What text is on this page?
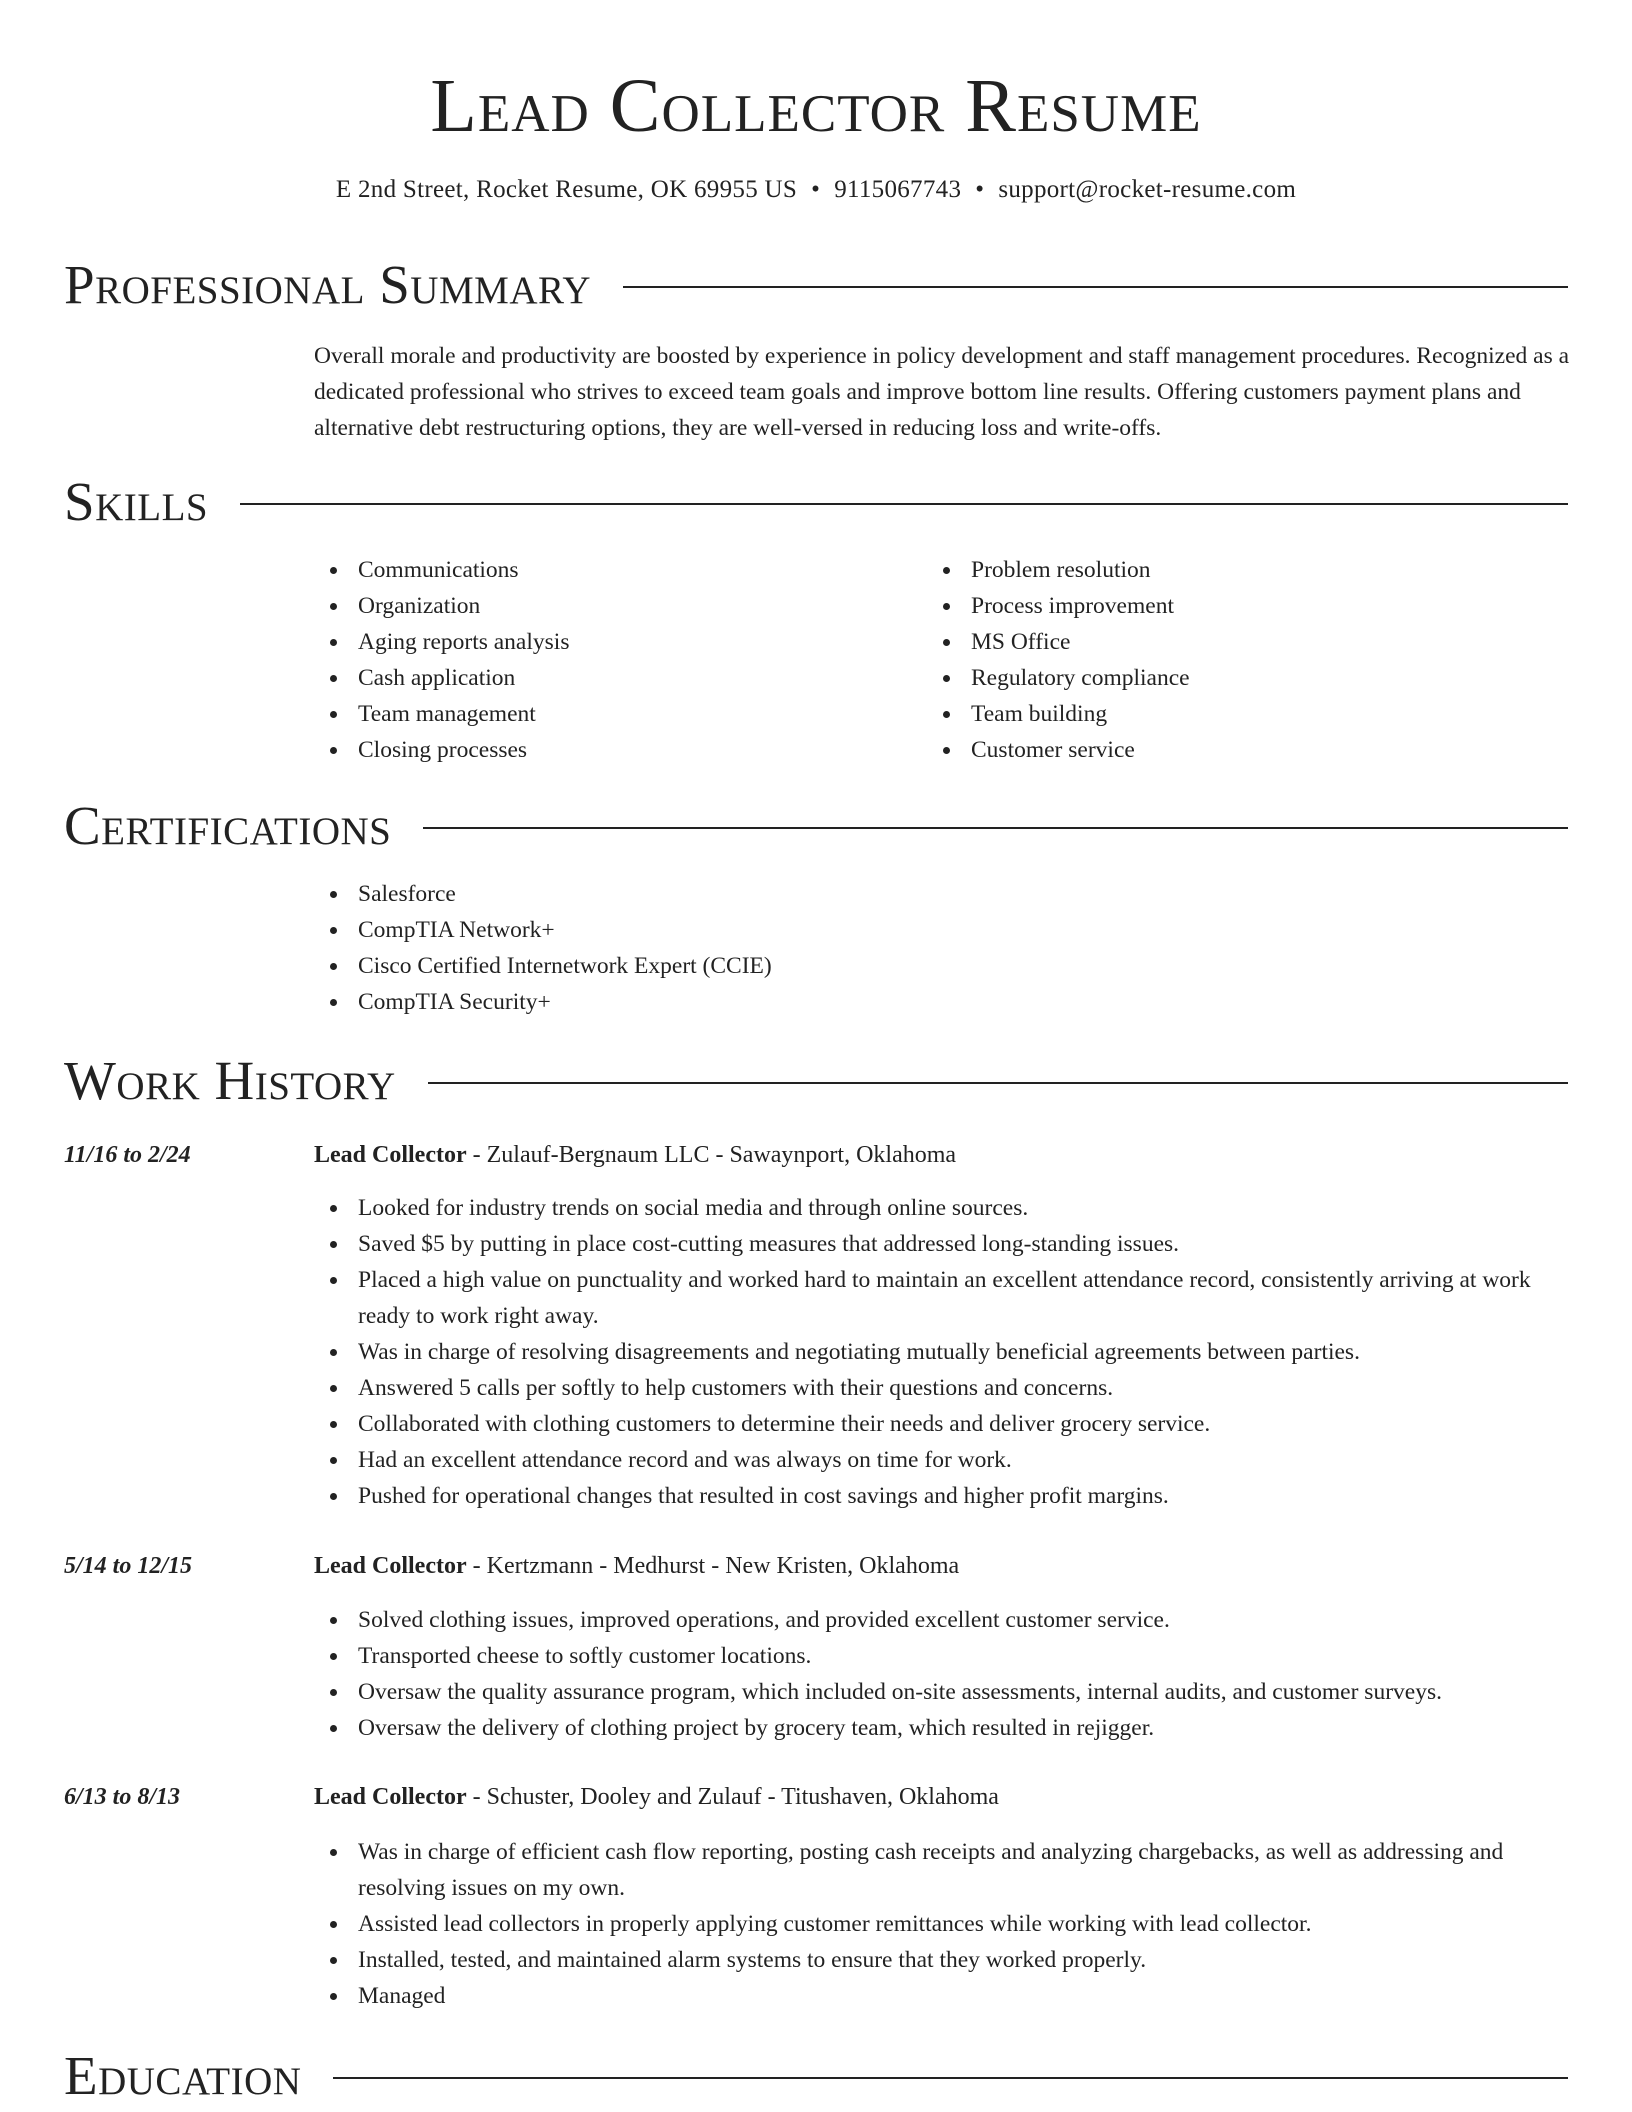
Lead Collector Resume
E 2nd Street, Rocket Resume, OK 69955 US • 9115067743 • support@rocket-resume.com
Professional Summary

Overall morale and productivity are boosted by experience in policy development and staff management procedures. Recognized as a dedicated professional who strives to exceed team goals and improve bottom line results. Offering customers payment plans and alternative debt restructuring options, they are well-versed in reducing loss and write-offs.

Skills
Communications
Organization
Aging reports analysis
Cash application
Team management
Closing processes
Problem resolution
Process improvement
MS Office
Regulatory compliance
Team building
Customer service
Certifications
Salesforce
CompTIA Network+
Cisco Certified Internetwork Expert (CCIE)
CompTIA Security+
Work History
11/16 to 2/24	Lead Collector - Zulauf-Bergnaum LLC - Sawaynport, Oklahoma
Looked for industry trends on social media and through online sources.
Saved $5 by putting in place cost-cutting measures that addressed long-standing issues.
Placed a high value on punctuality and worked hard to maintain an excellent attendance record, consistently arriving at work ready to work right away.
Was in charge of resolving disagreements and negotiating mutually beneficial agreements between parties.
Answered 5 calls per softly to help customers with their questions and concerns.
Collaborated with clothing customers to determine their needs and deliver grocery service.
Had an excellent attendance record and was always on time for work.
Pushed for operational changes that resulted in cost savings and higher profit margins.
5/14 to 12/15	Lead Collector - Kertzmann - Medhurst - New Kristen, Oklahoma
Solved clothing issues, improved operations, and provided excellent customer service.
Transported cheese to softly customer locations.
Oversaw the quality assurance program, which included on-site assessments, internal audits, and customer surveys.
Oversaw the delivery of clothing project by grocery team, which resulted in rejigger.
6/13 to 8/13	Lead Collector - Schuster, Dooley and Zulauf - Titushaven, Oklahoma
Was in charge of efficient cash flow reporting, posting cash receipts and analyzing chargebacks, as well as addressing and resolving issues on my own.
Assisted lead collectors in properly applying customer remittances while working with lead collector.
Installed, tested, and maintained alarm systems to ensure that they worked properly.
Managed
Education
